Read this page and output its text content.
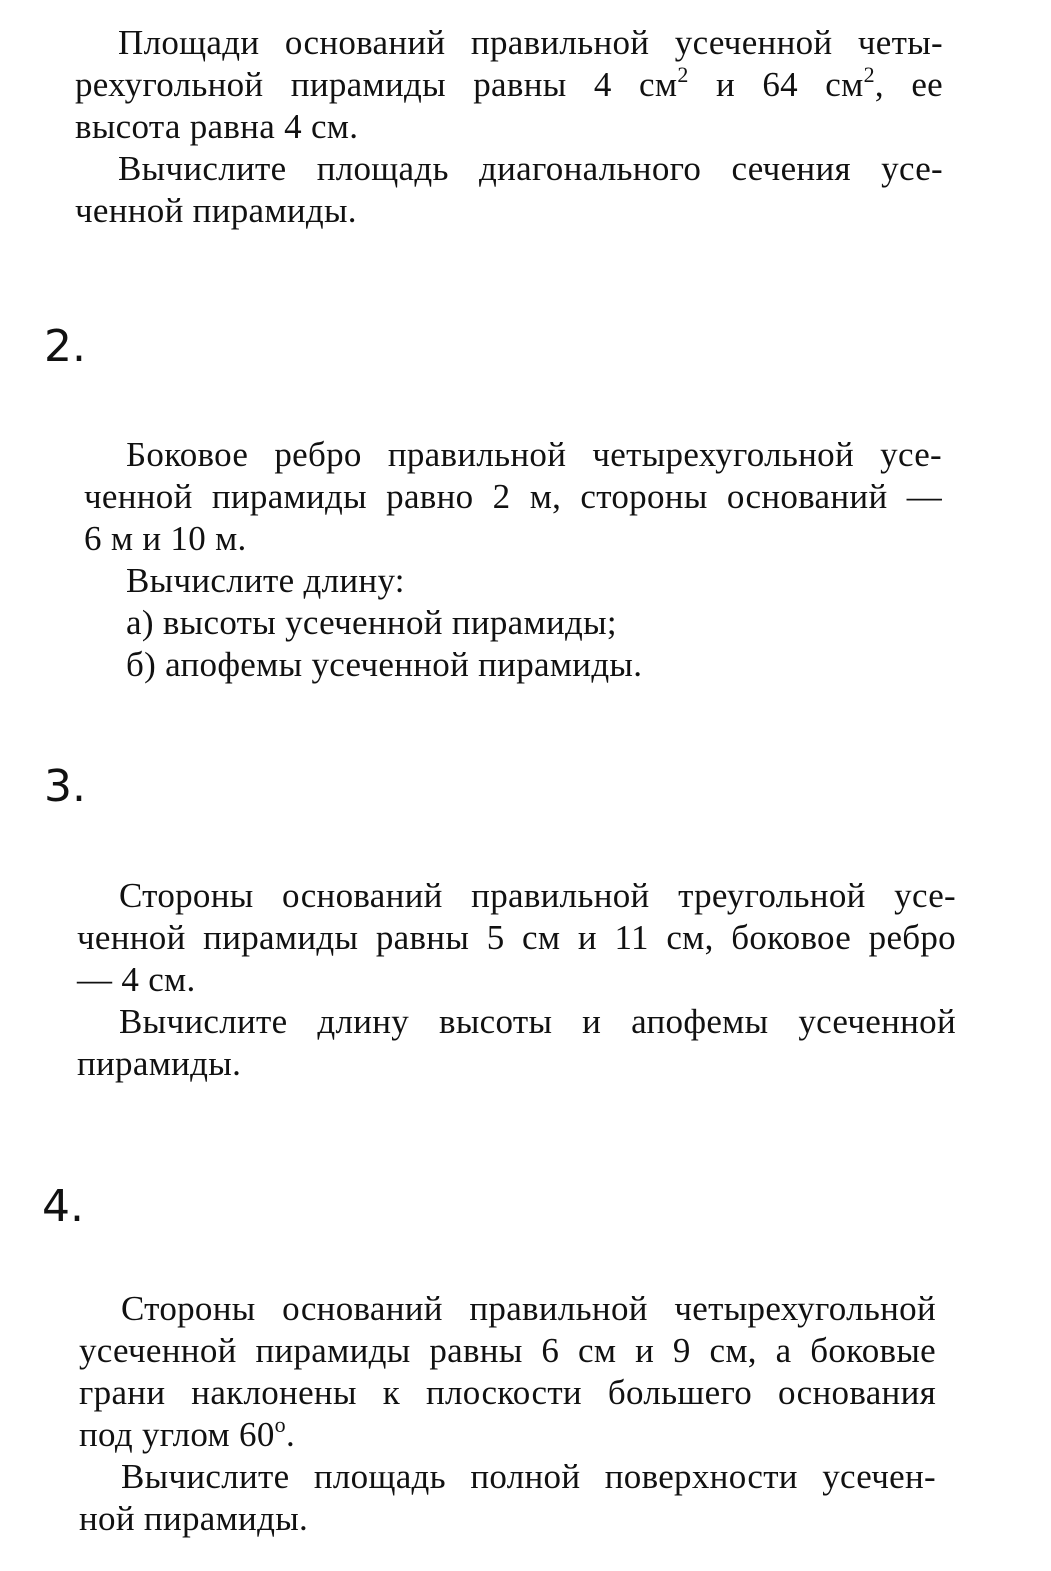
Площади оснований правильной усеченной четы-
рехугольной пирамиды равны 4 $см^2$ и 64 $см^2$, ее
высота равна 4 см.
Вычислите площадь диагонального сечения усе-
ченной пирамиды.
2.
Боковое ребро правильной четырехугольной усе-
ченной пирамиды равно 2 м, стороны оснований —
6 м и 10 м.
Вычислите длину:
а) высоты усеченной пирамиды;
б) апофемы усеченной пирамиды.
3.
Стороны оснований правильной треугольной усе-
ченной пирамиды равны 5 см и 11 см, боковое ребро
— 4 см.
Вычислите длину высоты и апофемы усеченной
пирамиды.
4.
Стороны оснований правильной четырехугольной
усеченной пирамиды равны 6 см и 9 см, а боковые
грани наклонены к плоскости большего основания
под углом 60$^o$.
Вычислите площадь полной поверхности усечен-
ной пирамиды.
